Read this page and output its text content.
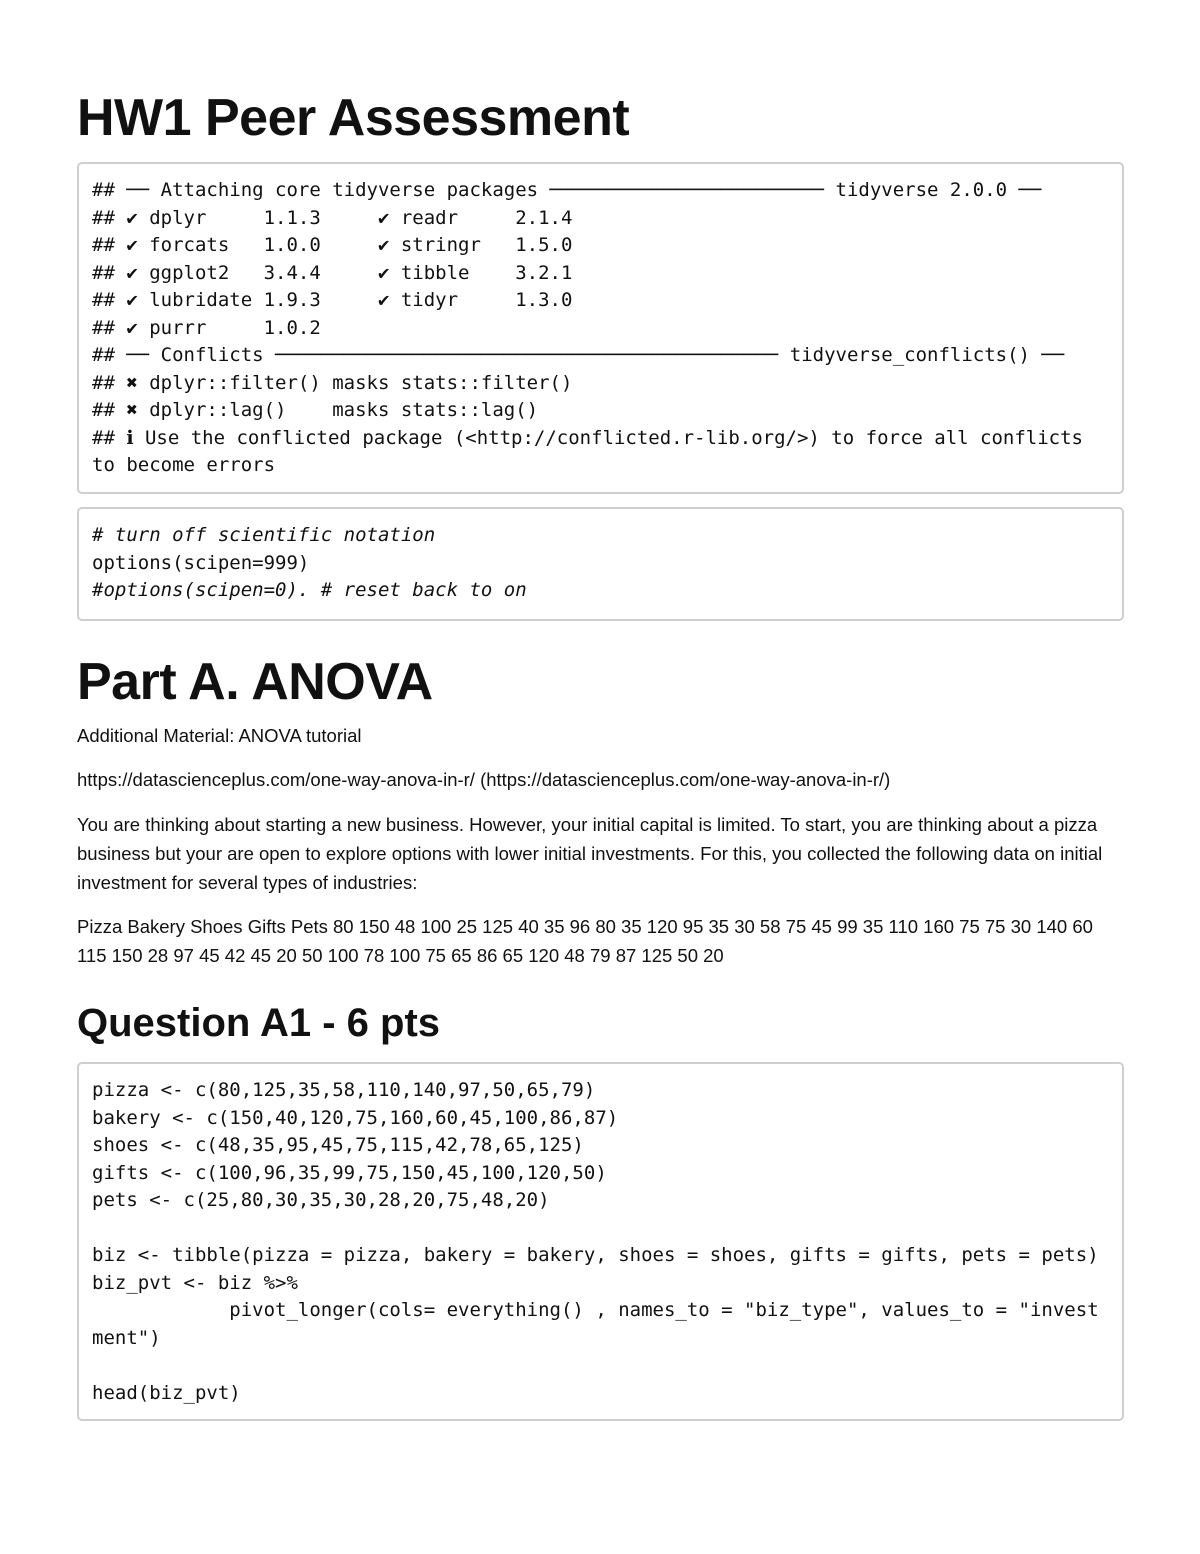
HW1 Peer Assessment
## ── Attaching core tidyverse packages ──────────────────────── tidyverse 2.0.0 ──
## ✔ dplyr     1.1.3     ✔ readr     2.1.4
## ✔ forcats   1.0.0     ✔ stringr   1.5.0
## ✔ ggplot2   3.4.4     ✔ tibble    3.2.1
## ✔ lubridate 1.9.3     ✔ tidyr     1.3.0
## ✔ purrr     1.0.2
## ── Conflicts ──────────────────────────────────────────── tidyverse_conflicts() ──
## ✖ dplyr::filter() masks stats::filter()
## ✖ dplyr::lag()    masks stats::lag()
## ℹ Use the conflicted package (<http://conflicted.r-lib.org/>) to force all conflicts
to become errors
# turn off scientific notation
options(scipen=999)
#options(scipen=0). # reset back to on
Part A. ANOVA

Additional Material: ANOVA tutorial

https://datascienceplus.com/one-way-anova-in-r/ (https://datascienceplus.com/one-way-anova-in-r/)

You are thinking about starting a new business. However, your initial capital is limited. To start, you are thinking about a pizza business but your are open to explore options with lower initial investments. For this, you collected the following data on initial investment for several types of industries:

Pizza Bakery Shoes Gifts Pets 80 150 48 100 25 125 40 35 96 80 35 120 95 35 30 58 75 45 99 35 110 160 75 75 30 140 60 115 150 28 97 45 42 45 20 50 100 78 100 75 65 86 65 120 48 79 87 125 50 20

Question A1 - 6 pts
pizza <- c(80,125,35,58,110,140,97,50,65,79)
bakery <- c(150,40,120,75,160,60,45,100,86,87)
shoes <- c(48,35,95,45,75,115,42,78,65,125)
gifts <- c(100,96,35,99,75,150,45,100,120,50)
pets <- c(25,80,30,35,30,28,20,75,48,20)

biz <- tibble(pizza = pizza, bakery = bakery, shoes = shoes, gifts = gifts, pets = pets)
biz_pvt <- biz %>%
pivot_longer(cols= everything() , names_to = "biz_type", values_to = "invest
ment")

head(biz_pvt)
